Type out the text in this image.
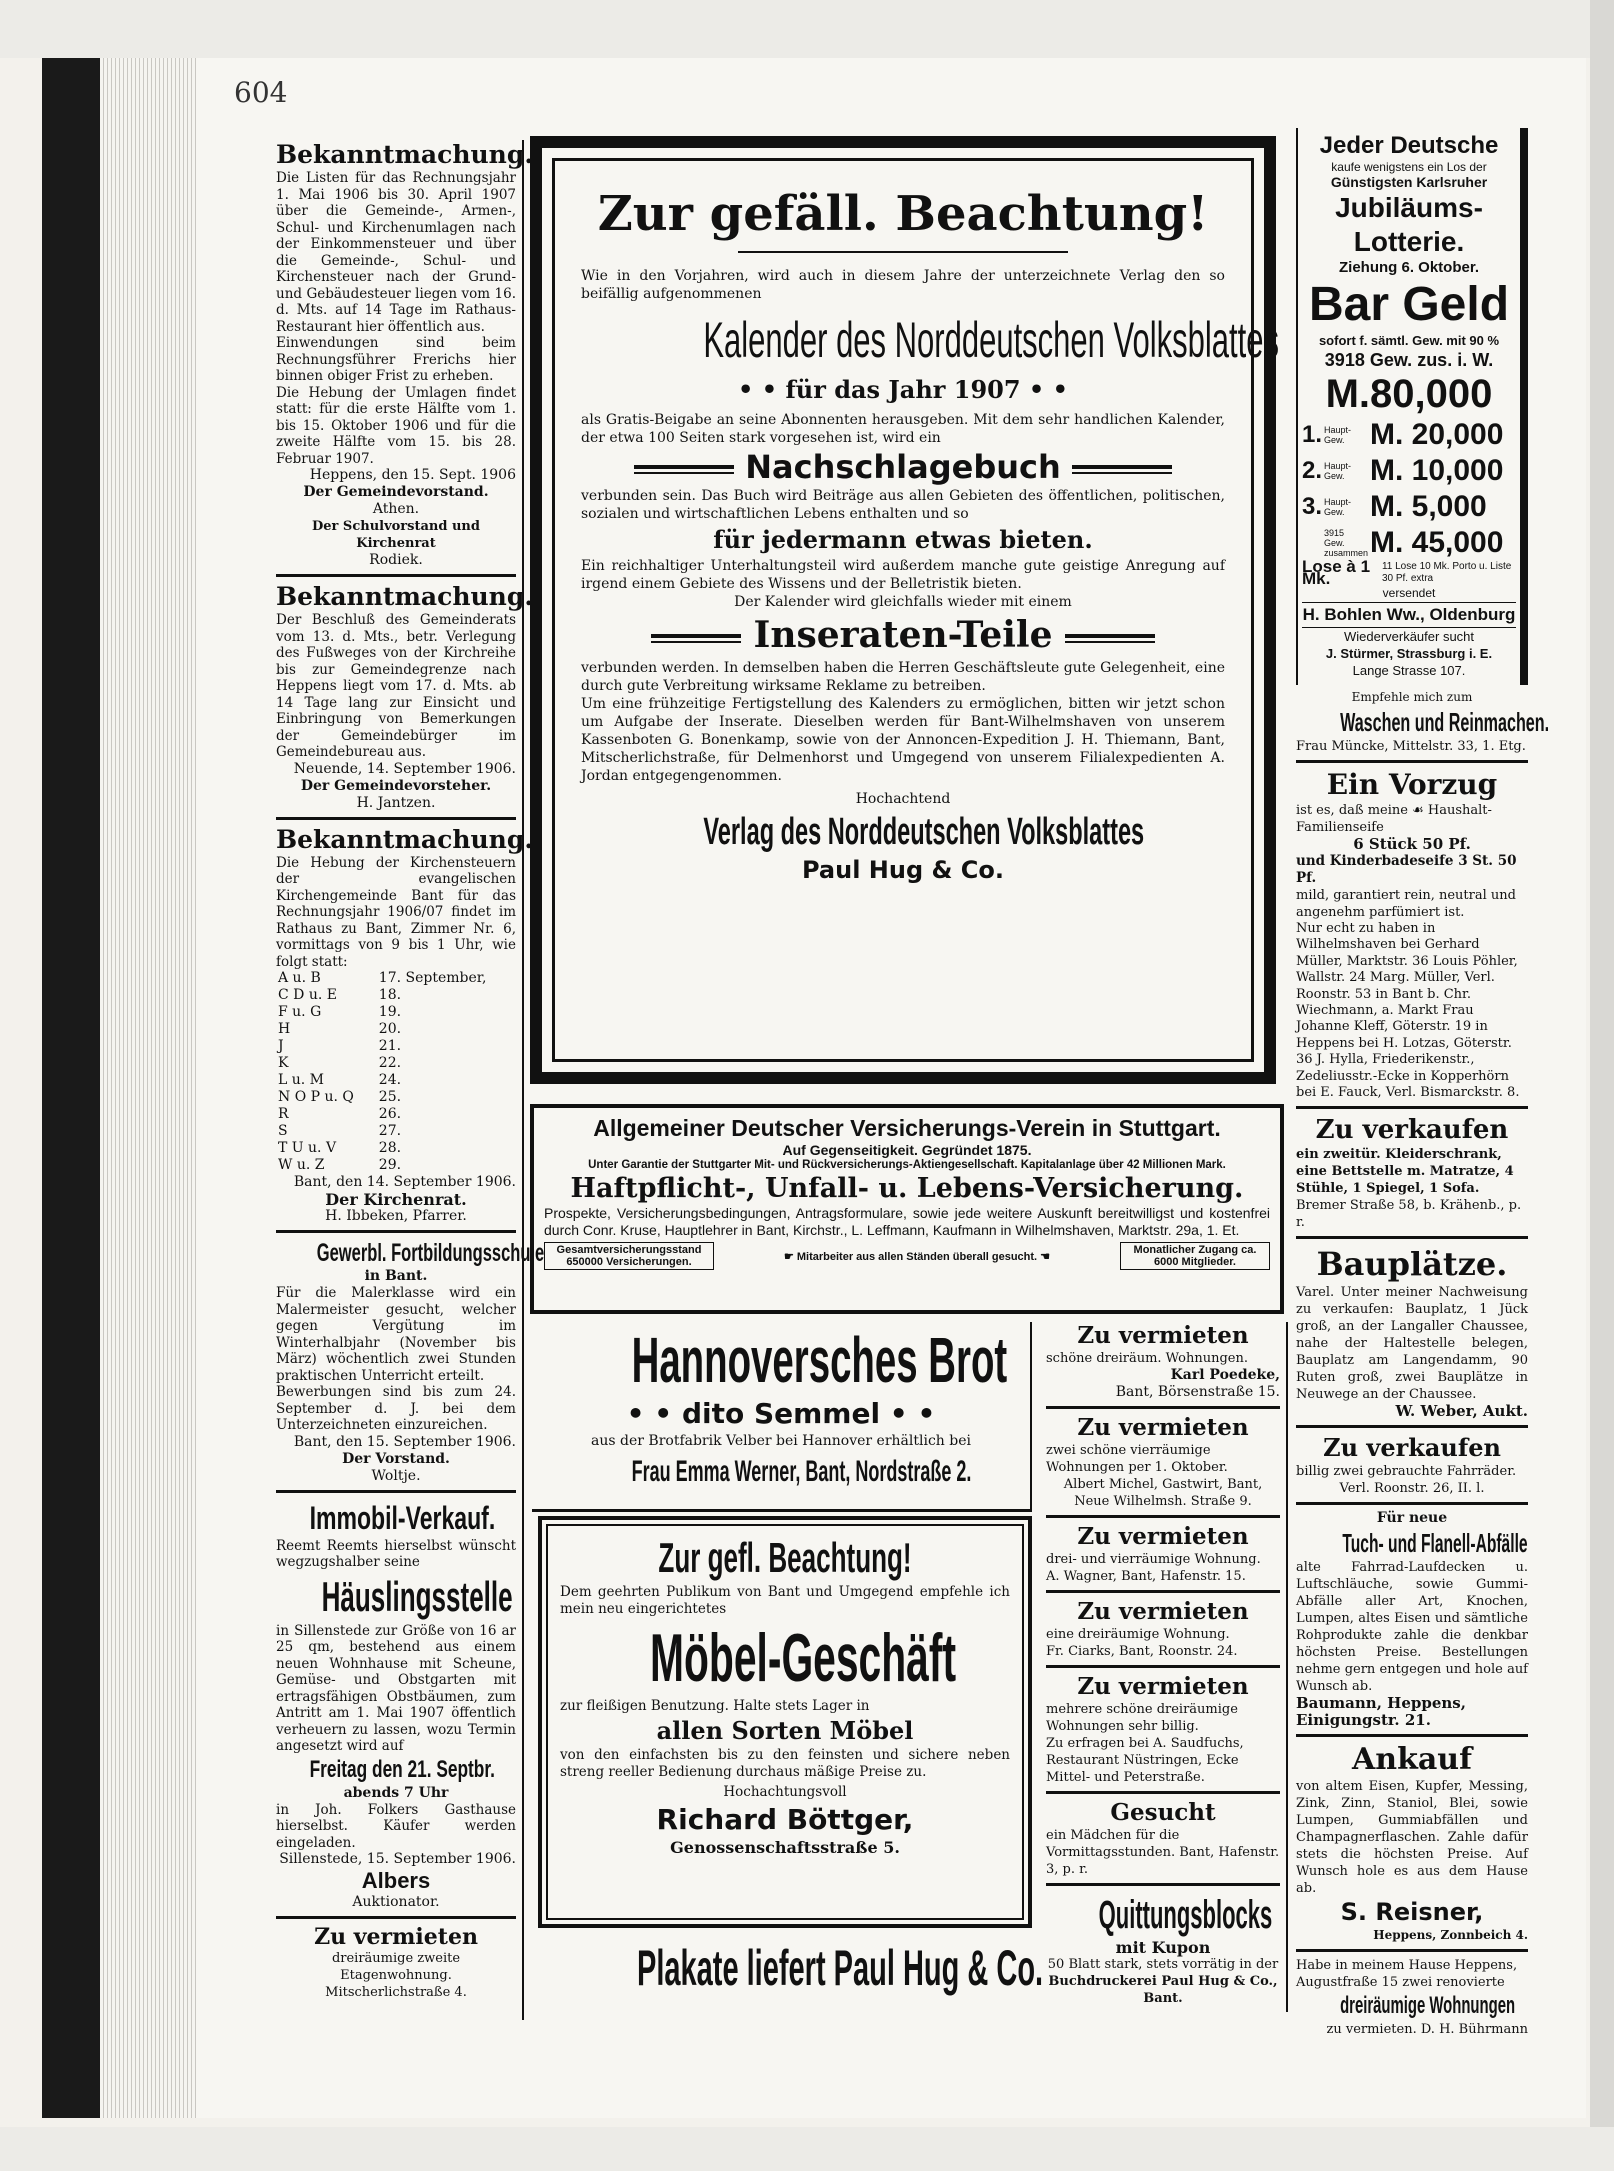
604

Bekanntmachung.

Die Listen für das Rechnungsjahr 1. Mai 1906 bis 30. April 1907 über die Gemeinde-, Armen-, Schul- und Kirchenumlagen nach der Einkommensteuer und über die Gemeinde-, Schul- und Kirchensteuer nach der Grund- und Gebäudesteuer liegen vom 16. d. Mts. auf 14 Tage im Rathaus-Restaurant hier öffentlich aus.

Einwendungen sind beim Rechnungsführer Frerichs hier binnen obiger Frist zu erheben.

Die Hebung der Umlagen findet statt: für die erste Hälfte vom 1. bis 15. Oktober 1906 und für die zweite Hälfte vom 15. bis 28. Februar 1907.

Heppens, den 15. Sept. 1906

Der Gemeindevorstand.

Athen.

Der Schulvorstand und Kirchenrat

Rodiek.

Bekanntmachung.

Der Beschluß des Gemeinderats vom 13. d. Mts., betr. Verlegung des Fußweges von der Kirchreihe bis zur Gemeindegrenze nach Heppens liegt vom 17. d. Mts. ab 14 Tage lang zur Einsicht und Einbringung von Bemerkungen der Gemeindebürger im Gemeindebureau aus.

Neuende, 14. September 1906.

Der Gemeindevorsteher.

H. Jantzen.

Bekanntmachung.

Die Hebung der Kirchensteuern der evangelischen Kirchengemeinde Bant für das Rechnungsjahr 1906/07 findet im Rathaus zu Bant, Zimmer Nr. 6, vormittags von 9 bis 1 Uhr, wie folgt statt:

A u. B	17. September,
C D u. E	18.
F u. G	19.
H	20.
J	21.
K	22.
L u. M	24.
N O P u. Q	25.
R	26.
S	27.
T U u. V	28.
W u. Z	29.

Bant, den 14. September 1906.

Der Kirchenrat.

H. Ibbeken, Pfarrer.

Gewerbl. Fortbildungsschule

in Bant.

Für die Malerklasse wird ein Malermeister gesucht, welcher gegen Vergütung im Winterhalbjahr (November bis März) wöchentlich zwei Stunden praktischen Unterricht erteilt.

Bewerbungen sind bis zum 24. September d. J. bei dem Unterzeichneten einzureichen.

Bant, den 15. September 1906.

Der Vorstand.

Woltje.

Immobil-Verkauf.

Reemt Reemts hierselbst wünscht wegzugshalber seine

Häuslingsstelle

in Sillenstede zur Größe von 16 ar 25 qm, bestehend aus einem neuen Wohnhause mit Scheune, Gemüse- und Obstgarten mit ertragsfähigen Obstbäumen, zum Antritt am 1. Mai 1907 öffentlich verheuern zu lassen, wozu Termin angesetzt wird auf

Freitag den 21. Septbr.

abends 7 Uhr

in Joh. Folkers Gasthause hierselbst. Käufer werden eingeladen.

Sillenstede, 15. September 1906.

Albers

Auktionator.

Zu vermieten

dreiräumige zweite Etagenwohnung. Mitscherlichstraße 4.

Zur gefäll. Beachtung!

Wie in den Vorjahren, wird auch in diesem Jahre der unterzeichnete Verlag den so beifällig aufgenommenen

Kalender des Norddeutschen Volksblattes

• • für das Jahr 1907 • •

als Gratis-Beigabe an seine Abonnenten herausgeben. Mit dem sehr handlichen Kalender, der etwa 100 Seiten stark vorgesehen ist, wird ein

Nachschlagebuch

verbunden sein. Das Buch wird Beiträge aus allen Gebieten des öffentlichen, politischen, sozialen und wirtschaftlichen Lebens enthalten und so

für jedermann etwas bieten.

Ein reichhaltiger Unterhaltungsteil wird außerdem manche gute geistige Anregung auf irgend einem Gebiete des Wissens und der Belletristik bieten.

Der Kalender wird gleichfalls wieder mit einem

Inseraten-Teile

verbunden werden. In demselben haben die Herren Geschäftsleute gute Gelegenheit, eine durch gute Verbreitung wirksame Reklame zu betreiben.

Um eine frühzeitige Fertigstellung des Kalenders zu ermöglichen, bitten wir jetzt schon um Aufgabe der Inserate. Dieselben werden für Bant-Wilhelmshaven von unserem Kassenboten G. Bonenkamp, sowie von der Annoncen-Expedition J. H. Thiemann, Bant, Mitscherlichstraße, für Delmenhorst und Umgegend von unserem Filialexpedienten A. Jordan entgegengenommen.

Hochachtend

Verlag des Norddeutschen Volksblattes

Paul Hug & Co.

Allgemeiner Deutscher Versicherungs-Verein in Stuttgart.

Auf Gegenseitigkeit. Gegründet 1875.

Unter Garantie der Stuttgarter Mit- und Rückversicherungs-Aktiengesellschaft. Kapitalanlage über 42 Millionen Mark.

Haftpflicht-, Unfall- u. Lebens-Versicherung.

Prospekte, Versicherungsbedingungen, Antragsformulare, sowie jede weitere Auskunft bereitwilligst und kostenfrei durch Conr. Kruse, Hauptlehrer in Bant, Kirchstr., L. Leffmann, Kaufmann in Wilhelmshaven, Marktstr. 29a, 1. Et.

Gesamtversicherungsstand 650000 Versicherungen.	☛ Mitarbeiter aus allen Ständen überall gesucht. ☚
Monatlicher Zugang ca. 6000 Mitglieder.

Hannoversches Brot

• • dito Semmel • •

aus der Brotfabrik Velber bei Hannover erhältlich bei

Frau Emma Werner, Bant, Nordstraße 2.

Zur gefl. Beachtung!

Dem geehrten Publikum von Bant und Umgegend empfehle ich mein neu eingerichtetes

Möbel-Geschäft

zur fleißigen Benutzung. Halte stets Lager in

allen Sorten Möbel

von den einfachsten bis zu den feinsten und sichere neben streng reeller Bedienung durchaus mäßige Preise zu.

Hochachtungsvoll

Richard Böttger,

Genossenschaftsstraße 5.

Plakate liefert Paul Hug & Co.

Zu vermieten

schöne dreiräum. Wohnungen.

Karl Poedeke,

Bant, Börsenstraße 15.

Zu vermieten

zwei schöne vierräumige Wohnungen per 1. Oktober.

Albert Michel, Gastwirt, Bant, Neue Wilhelmsh. Straße 9.

Zu vermieten

drei- und vierräumige Wohnung.

A. Wagner, Bant, Hafenstr. 15.

Zu vermieten

eine dreiräumige Wohnung.

Fr. Ciarks, Bant, Roonstr. 24.

Zu vermieten

mehrere schöne dreiräumige Wohnungen sehr billig.

Zu erfragen bei A. Saudfuchs, Restaurant Nüstringen, Ecke Mittel- und Peterstraße.

Gesucht

ein Mädchen für die Vormittagsstunden. Bant, Hafenstr. 3, p. r.

Quittungsblocks

mit Kupon

50 Blatt stark, stets vorrätig in der

Buchdruckerei Paul Hug & Co., Bant.

Jeder Deutsche

kaufe wenigstens ein Los der

Günstigsten Karlsruher

Jubiläums-Lotterie.

Ziehung 6. Oktober.

Bar Geld

sofort f. sämtl. Gew. mit 90 %

3918 Gew. zus. i. W.

M.80,000

1. Haupt-Gew. M. 20,000
2. Haupt-Gew. M. 10,000
3. Haupt-Gew. M. 5,000
3915 Gew. zusammen M. 45,000

Lose à 1 Mk.
11 Lose 10 Mk. Porto u. Liste 30 Pf. extra

versendet

H. Bohlen Ww., Oldenburg

Wiederverkäufer sucht

J. Stürmer, Strassburg i. E.

Lange Strasse 107.

Empfehle mich zum

Waschen und Reinmachen.

Frau Müncke, Mittelstr. 33, 1. Etg.

Ein Vorzug

ist es, daß meine ☙ Haushalt-Familienseife

6 Stück 50 Pf.

und Kinderbadeseife 3 St. 50 Pf.

mild, garantiert rein, neutral und angenehm parfümiert ist.

Nur echt zu haben in Wilhelmshaven bei Gerhard Müller, Marktstr. 36 Louis Pöhler, Wallstr. 24 Marg. Müller, Verl. Roonstr. 53 in Bant b. Chr. Wiechmann, a. Markt Frau Johanne Kleff, Göterstr. 19 in Heppens bei H. Lotzas, Göterstr. 36 J. Hylla, Friederikenstr., Zedeliusstr.-Ecke in Kopperhörn bei E. Fauck, Verl. Bismarckstr. 8.

Zu verkaufen

ein zweitür. Kleiderschrank, eine Bettstelle m. Matratze, 4 Stühle, 1 Spiegel, 1 Sofa.

Bremer Straße 58, b. Krähenb., p. r.

Bauplätze.

Varel. Unter meiner Nachweisung zu verkaufen: Bauplatz, 1 Jück groß, an der Langaller Chaussee, nahe der Haltestelle belegen, Bauplatz am Langendamm, 90 Ruten groß, zwei Bauplätze in Neuwege an der Chaussee.

W. Weber, Aukt.

Zu verkaufen

billig zwei gebrauchte Fahrräder.

Verl. Roonstr. 26, II. l.

Für neue

Tuch- und Flanell-Abfälle

alte Fahrrad-Laufdecken u. Luftschläuche, sowie Gummi-Abfälle aller Art, Knochen, Lumpen, altes Eisen und sämtliche Rohprodukte zahle die denkbar höchsten Preise. Bestellungen nehme gern entgegen und hole auf Wunsch ab.

Baumann, Heppens, Einigungstr. 21.

Ankauf

von altem Eisen, Kupfer, Messing, Zink, Zinn, Staniol, Blei, sowie Lumpen, Gummiabfällen und Champagnerflaschen. Zahle dafür stets die höchsten Preise. Auf Wunsch hole es aus dem Hause ab.

S. Reisner,

Heppens, Zonnbeich 4.

Habe in meinem Hause Heppens, Augustfraße 15 zwei renovierte

dreiräumige Wohnungen

zu vermieten. D. H. Bührmann
